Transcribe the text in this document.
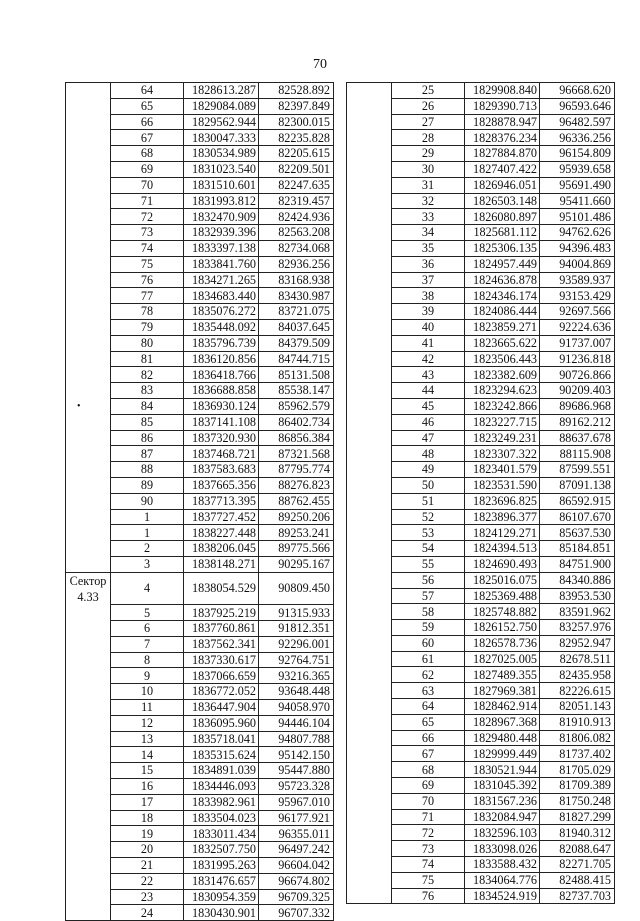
70
•
	64	1828613.287	82528.892
	65	1829084.089	82397.849
	66	1829562.944	82300.015
	67	1830047.333	82235.828
	68	1830534.989	82205.615
	69	1831023.540	82209.501
	70	1831510.601	82247.635
	71	1831993.812	82319.457
	72	1832470.909	82424.936
	73	1832939.396	82563.208
	74	1833397.138	82734.068
	75	1833841.760	82936.256
	76	1834271.265	83168.938
	77	1834683.440	83430.987
	78	1835076.272	83721.075
	79	1835448.092	84037.645
	80	1835796.739	84379.509
	81	1836120.856	84744.715
	82	1836418.766	85131.508
	83	1836688.858	85538.147
	84	1836930.124	85962.579
	85	1837141.108	86402.734
	86	1837320.930	86856.384
	87	1837468.721	87321.568
	88	1837583.683	87795.774
	89	1837665.356	88276.823
	90	1837713.395	88762.455
	1	1837727.452	89250.206
	1	1838227.448	89253.241
	2	1838206.045	89775.566
	3	1838148.271	90295.167
Сектор
4.33	4	1838054.529	90809.450
	5	1837925.219	91315.933
	6	1837760.861	91812.351
	7	1837562.341	92296.001
	8	1837330.617	92764.751
	9	1837066.659	93216.365
	10	1836772.052	93648.448
	11	1836447.904	94058.970
	12	1836095.960	94446.104
	13	1835718.041	94807.788
	14	1835315.624	95142.150
	15	1834891.039	95447.880
	16	1834446.093	95723.328
	17	1833982.961	95967.010
	18	1833504.023	96177.921
	19	1833011.434	96355.011
	20	1832507.750	96497.242
	21	1831995.263	96604.042
	22	1831476.657	96674.802
	23	1830954.359	96709.325
	24	1830430.901	96707.332
	25	1829908.840	96668.620
	26	1829390.713	96593.646
	27	1828878.947	96482.597
	28	1828376.234	96336.256
	29	1827884.870	96154.809
	30	1827407.422	95939.658
	31	1826946.051	95691.490
	32	1826503.148	95411.660
	33	1826080.897	95101.486
	34	1825681.112	94762.626
	35	1825306.135	94396.483
	36	1824957.449	94004.869
	37	1824636.878	93589.937
	38	1824346.174	93153.429
	39	1824086.444	92697.566
	40	1823859.271	92224.636
	41	1823665.622	91737.007
	42	1823506.443	91236.818
	43	1823382.609	90726.866
	44	1823294.623	90209.403
	45	1823242.866	89686.968
	46	1823227.715	89162.212
	47	1823249.231	88637.678
	48	1823307.322	88115.908
	49	1823401.579	87599.551
	50	1823531.590	87091.138
	51	1823696.825	86592.915
	52	1823896.377	86107.670
	53	1824129.271	85637.530
	54	1824394.513	85184.851
	55	1824690.493	84751.900
	56	1825016.075	84340.886
	57	1825369.488	83953.530
	58	1825748.882	83591.962
	59	1826152.750	83257.976
	60	1826578.736	82952.947
	61	1827025.005	82678.511
	62	1827489.355	82435.958
	63	1827969.381	82226.615
	64	1828462.914	82051.143
	65	1828967.368	81910.913
	66	1829480.448	81806.082
	67	1829999.449	81737.402
	68	1830521.944	81705.029
	69	1831045.392	81709.389
	70	1831567.236	81750.248
	71	1832084.947	81827.299
	72	1832596.103	81940.312
	73	1833098.026	82088.647
	74	1833588.432	82271.705
	75	1834064.776	82488.415
	76	1834524.919	82737.703
